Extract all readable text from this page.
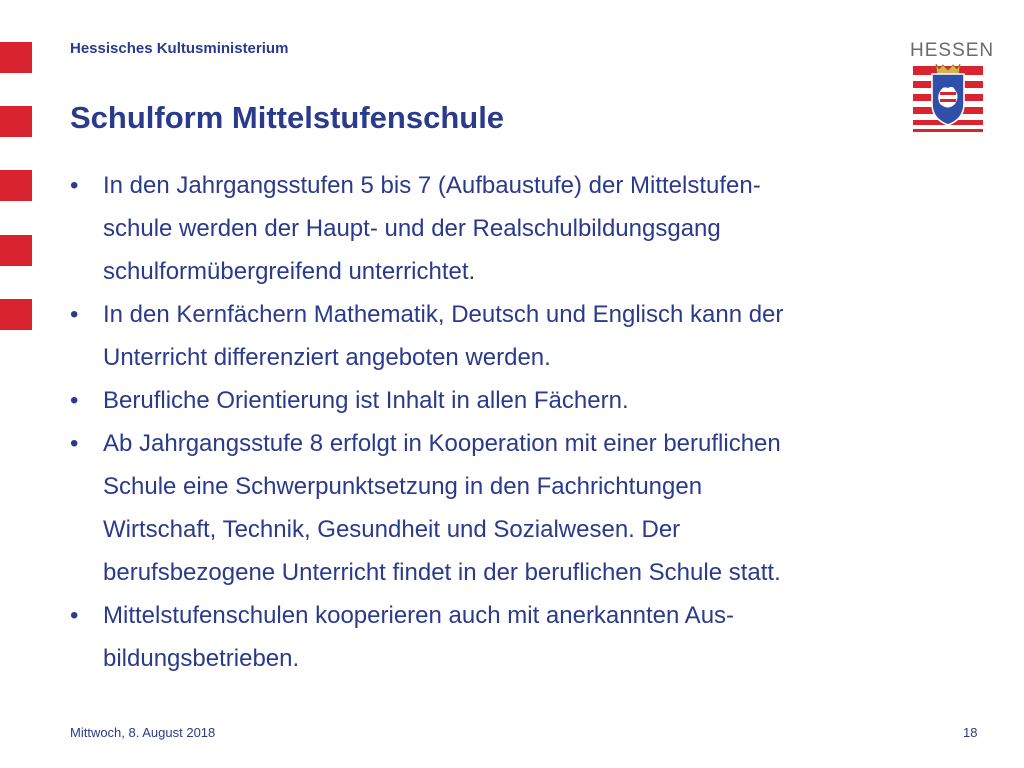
Hessisches Kultusministerium	HESSEN
Schulform Mittelstufenschule
• In den Jahrgangsstufen 5 bis 7 (Aufbaustufe) der Mittelstufen-
schule werden der Haupt- und der Realschulbildungsgang
schulformübergreifend unterrichtet.
• In den Kernfächern Mathematik, Deutsch und Englisch kann der
Unterricht differenziert angeboten werden.
• Berufliche Orientierung ist Inhalt in allen Fächern.
• Ab Jahrgangsstufe 8 erfolgt in Kooperation mit einer beruflichen
Schule eine Schwerpunktsetzung in den Fachrichtungen
Wirtschaft, Technik, Gesundheit und Sozialwesen. Der
berufsbezogene Unterricht findet in der beruflichen Schule statt.
• Mittelstufenschulen kooperieren auch mit anerkannten Aus-
bildungsbetrieben.
Mittwoch, 8. August 2018	18
